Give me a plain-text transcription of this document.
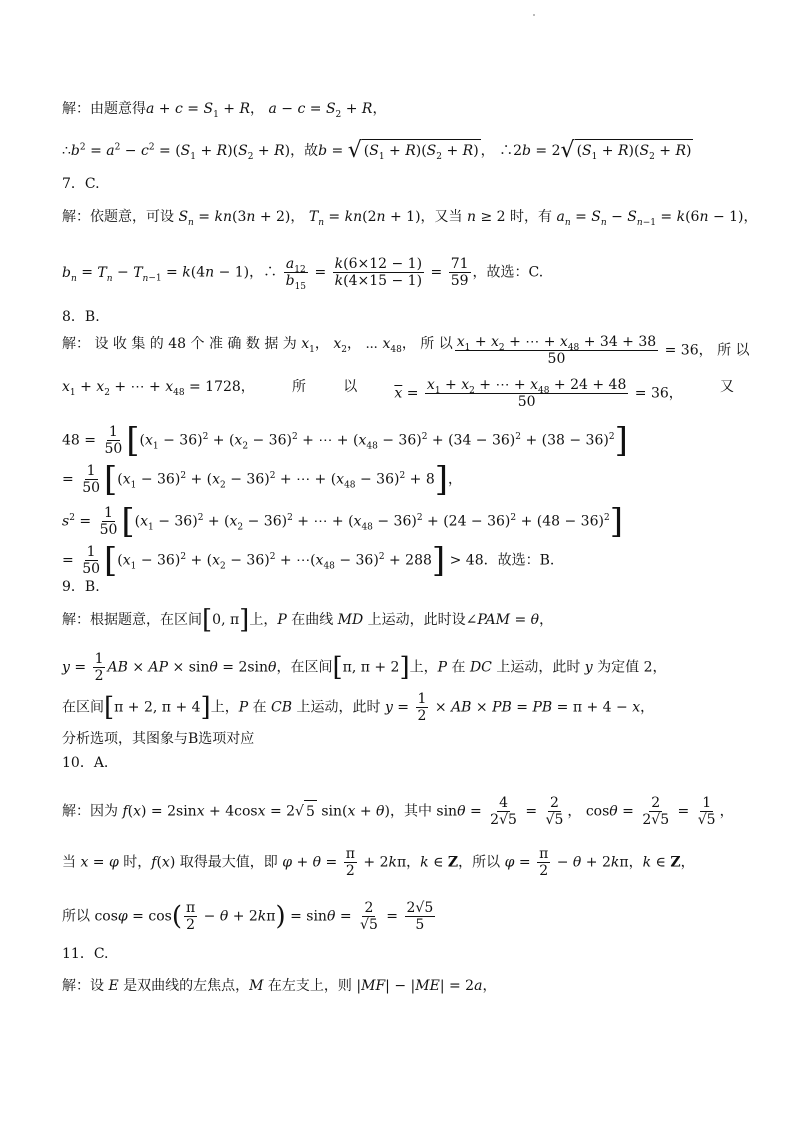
解：由题意得$a + c = S_1 + R$， $a - c = S_2 + R$，
$\therefore b^2 = a^2 - c^2 = (S_1 + R)(S_2 + R)$，故b = √ $(S_1 + R)(S_2 + R)$ ， ∴2b = 2√ $(S_1 + R)(S_2 + R)$
7．C.
解：依题意，可设 $S_n = kn(3n + 2)$， $T_n = kn(2n + 1)$，又当 n ≥ 2 时，有 $a_n = S_n - S_{n-1} = k(6n - 1)$，
$b_n = T_n - T_{n-1} = k(4n - 1)$，∴ $\frac{a_{12}}{b_{15}} = \frac{k(6\times 12 - 1)}{k(4\times 15 - 1)} = \frac{71}{59}$ ，故选：C.
8．B.
解： 设 收 集 的 48 个 准 确 数 据 为 $x_1$， $x_2$， ⋯ $x_{48}$， 所 以 $\frac{x_1 + x_2 + \cdots + x_{48} + 34 + 38}{50} = 36$， 所 以
$x_1 + x_2$ + ⋯ + $x_{48} = 1728$，	所	以	$\overline{x} = \frac{x_1 + x_2 + \cdots + x_{48} + 24 + 48}{50} = 36$，	又
$48 = \frac{1}{50} [(x_1 - 36)^2 + (x_2 - 36)^2$ + ⋯ + $(x_{48} - 36)^2 + (34 - 36)^2 + (38 - 36)^2$]
= $\frac{1}{50} [(x_1 - 36)^2 + (x_2 - 36)^2$ + ⋯ + $(x_{48} - 36)^2 + 8$]，
$s^2 = \frac{1}{50} [(x_1 - 36)^2 + (x_2 - 36)^2$ + ⋯ + $(x_{48} - 36)^2 + (24 - 36)^2 + (48 - 36)^2$]
= $\frac{1}{50} [(x_1 - 36)^2 + (x_2 - 36)^2$ + $\cdots(x_{48} - 36)^2 + 288] > 48$．故选：B.
9．B.
解：根据题意，在区间[0, π]上，P 在曲线 MD 上运动，此时设∠PAM = θ，
$y = \frac{1}{2}$ AB × AP × sinθ = 2sinθ，在区间[π, π + 2]上，P 在 DC 上运动，此时 y 为定值 2，
在区间[π + 2, π + 4]上，P 在 CB 上运动，此时 $y = \frac{1}{2}$ × AB × PB = PB = π + 4 − x，
分析选项，其图象与B选项对应
10．A.
解：因为 f(x) = 2sinx + 4cosx = 2√ 5 sin(x + θ)，其中 $\sin\theta = \frac{4}{2√5} = \frac{2}{√5}$ ， $\cos\theta = \frac{2}{2√5} = \frac{1}{√5}$ ，
当 x = φ 时，f(x) 取得最大值，即 $\varphi + \theta = \frac{\pi}{2} + 2k\pi$，k ∈ Z，所以 $\varphi = \frac{\pi}{2} - \theta + 2k\pi$，k ∈ Z，
所以 $\cos\varphi = \cos( \frac{\pi}{2} - \theta + 2k\pi) = \sin\theta = \frac{2}{√5} = \frac{2√5}{5}$
11．C.
解：设 E 是双曲线的左焦点，M 在左支上，则 |MF| − |ME| = 2a，
